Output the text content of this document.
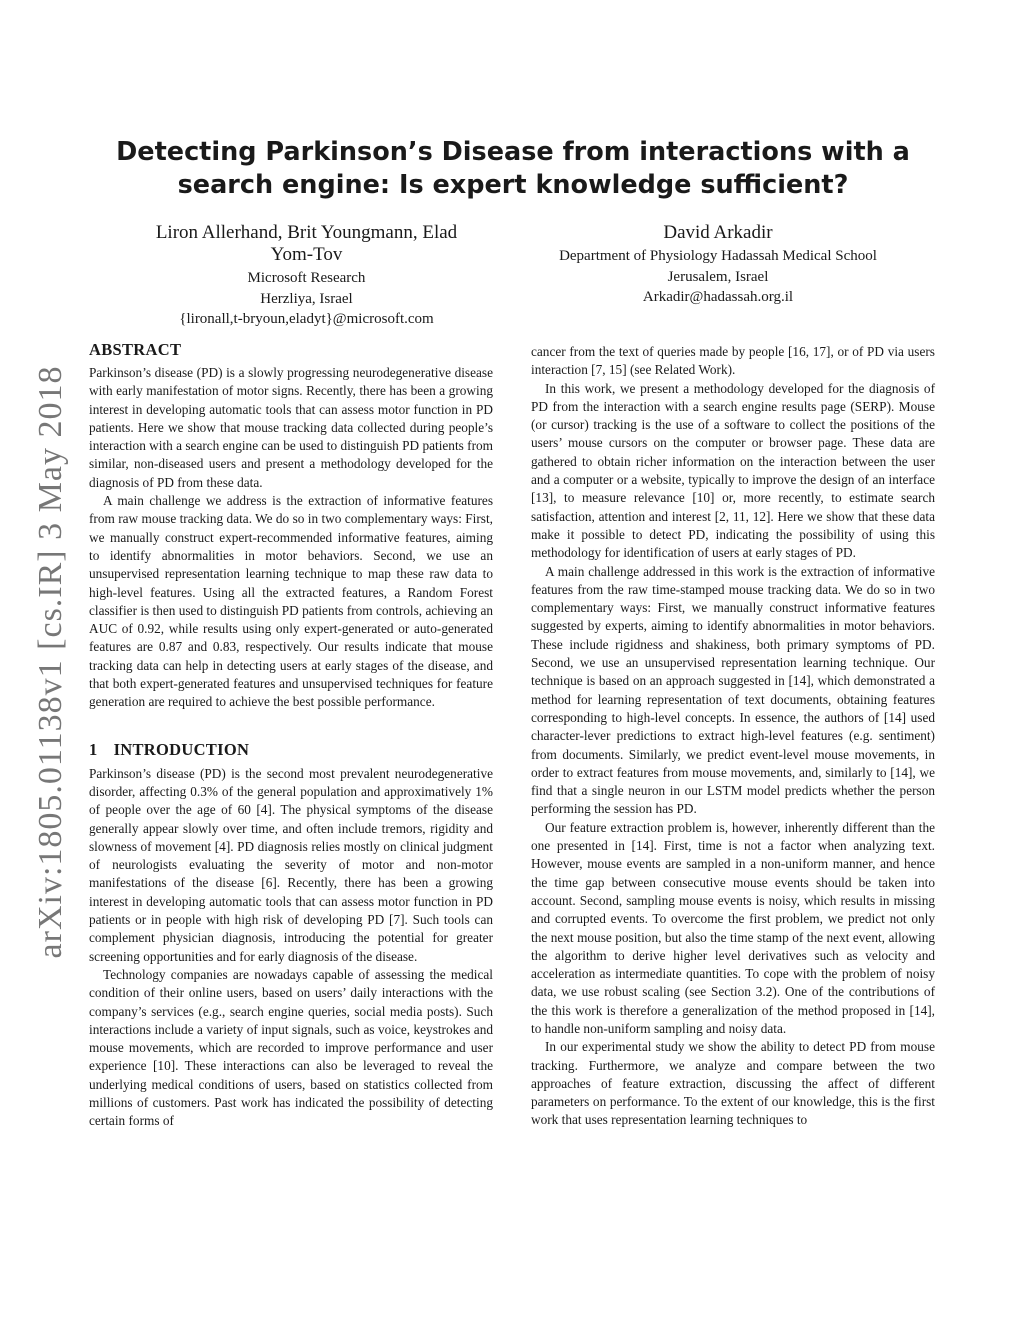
arXiv:1805.01138v1 [cs.IR] 3 May 2018
Detecting Parkinson’s Disease from interactions with a search engine: Is expert knowledge sufficient?
Liron Allerhand, Brit Youngmann, Elad Yom-Tov
Microsoft Research
Herzliya, Israel
{lironall,t-bryoun,eladyt}@microsoft.com
David Arkadir
Department of Physiology Hadassah Medical School
Jerusalem, Israel
Arkadir@hadassah.org.il
ABSTRACT

Parkinson’s disease (PD) is a slowly progressing neurodegenerative disease with early manifestation of motor signs. Recently, there has been a growing interest in developing automatic tools that can assess motor function in PD patients. Here we show that mouse tracking data collected during people’s interaction with a search engine can be used to distinguish PD patients from similar, non-diseased users and present a methodology developed for the diagnosis of PD from these data.

A main challenge we address is the extraction of informative features from raw mouse tracking data. We do so in two complementary ways: First, we manually construct expert-recommended informative features, aiming to identify abnormalities in motor behaviors. Second, we use an unsupervised representation learning technique to map these raw data to high-level features. Using all the extracted features, a Random Forest classifier is then used to distinguish PD patients from controls, achieving an AUC of 0.92, while results using only expert-generated or auto-generated features are 0.87 and 0.83, respectively. Our results indicate that mouse tracking data can help in detecting users at early stages of the disease, and that both expert-generated features and unsupervised techniques for feature generation are required to achieve the best possible performance.

1 INTRODUCTION

Parkinson’s disease (PD) is the second most prevalent neurodegenerative disorder, affecting 0.3% of the general population and approximatively 1% of people over the age of 60 [4]. The physical symptoms of the disease generally appear slowly over time, and often include tremors, rigidity and slowness of movement [4]. PD diagnosis relies mostly on clinical judgment of neurologists evaluating the severity of motor and non-motor manifestations of the disease [6]. Recently, there has been a growing interest in developing automatic tools that can assess motor function in PD patients or in people with high risk of developing PD [7]. Such tools can complement physician diagnosis, introducing the potential for greater screening opportunities and for early diagnosis of the disease.

Technology companies are nowadays capable of assessing the medical condition of their online users, based on users’ daily interactions with the company’s services (e.g., search engine queries, social media posts). Such interactions include a variety of input signals, such as voice, keystrokes and mouse movements, which are recorded to improve performance and user experience [10]. These interactions can also be leveraged to reveal the underlying medical conditions of users, based on statistics collected from millions of customers. Past work has indicated the possibility of detecting certain forms of

cancer from the text of queries made by people [16, 17], or of PD via users interaction [7, 15] (see Related Work).

In this work, we present a methodology developed for the diagnosis of PD from the interaction with a search engine results page (SERP). Mouse (or cursor) tracking is the use of a software to collect the positions of the users’ mouse cursors on the computer or browser page. These data are gathered to obtain richer information on the interaction between the user and a computer or a website, typically to improve the design of an interface [13], to measure relevance [10] or, more recently, to estimate search satisfaction, attention and interest [2, 11, 12]. Here we show that these data make it possible to detect PD, indicating the possibility of using this methodology for identification of users at early stages of PD.

A main challenge addressed in this work is the extraction of informative features from the raw time-stamped mouse tracking data. We do so in two complementary ways: First, we manually construct informative features suggested by experts, aiming to identify abnormalities in motor behaviors. These include rigidness and shakiness, both primary symptoms of PD. Second, we use an unsupervised representation learning technique. Our technique is based on an approach suggested in [14], which demonstrated a method for learning representation of text documents, obtaining features corresponding to high-level concepts. In essence, the authors of [14] used character-lever predictions to extract high-level features (e.g. sentiment) from documents. Similarly, we predict event-level mouse movements, in order to extract features from mouse movements, and, similarly to [14], we find that a single neuron in our LSTM model predicts whether the person performing the session has PD.

Our feature extraction problem is, however, inherently different than the one presented in [14]. First, time is not a factor when analyzing text. However, mouse events are sampled in a non-uniform manner, and hence the time gap between consecutive mouse events should be taken into account. Second, sampling mouse events is noisy, which results in missing and corrupted events. To overcome the first problem, we predict not only the next mouse position, but also the time stamp of the next event, allowing the algorithm to derive higher level derivatives such as velocity and acceleration as intermediate quantities. To cope with the problem of noisy data, we use robust scaling (see Section 3.2). One of the contributions of the this work is therefore a generalization of the method proposed in [14], to handle non-uniform sampling and noisy data.

In our experimental study we show the ability to detect PD from mouse tracking. Furthermore, we analyze and compare between the two approaches of feature extraction, discussing the affect of different parameters on performance. To the extent of our knowledge, this is the first work that uses representation learning techniques to
